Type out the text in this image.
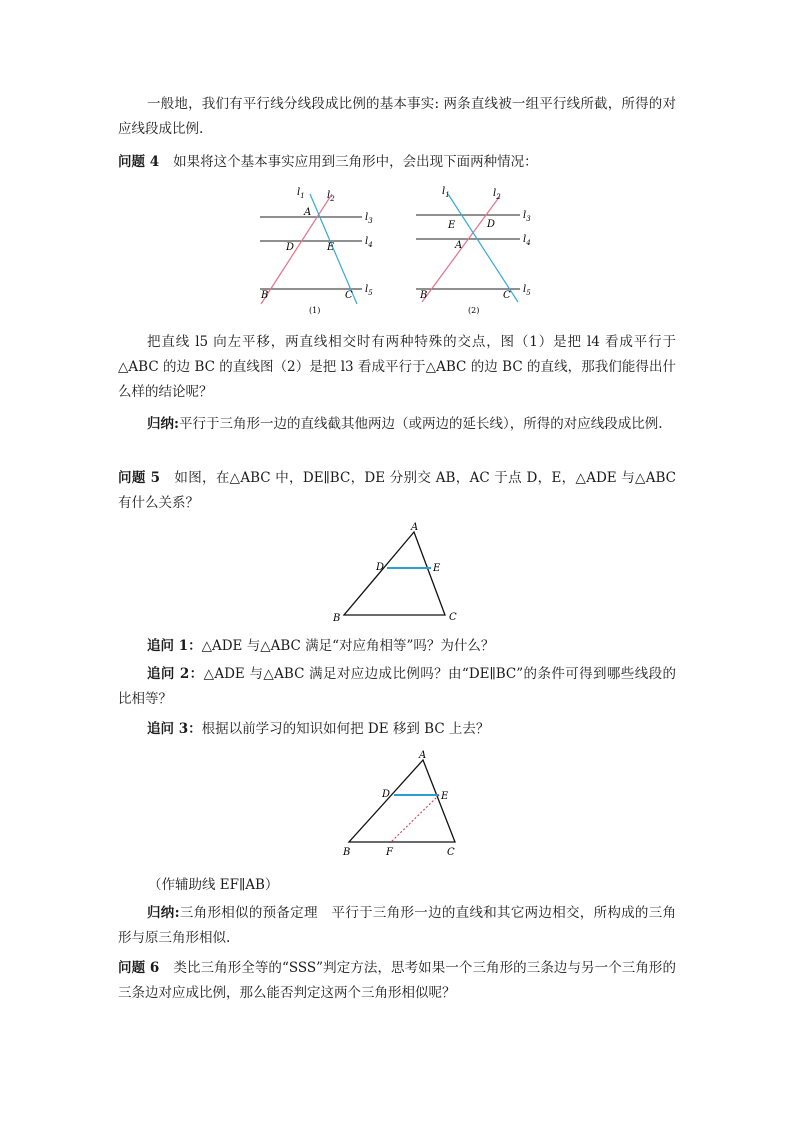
一般地，我们有平行线分线段成比例的基本事实: 两条直线被一组平行线所截，所得的对应线段成比例.

问题 4 如果将这个基本事实应用到三角形中，会出现下面两种情况：

$l_1$ $l_2$
$l_3$
$l_4$
$l_5$
A
D	E
B	C
(1)
$l_1$	$l_2$
$l_3$
$l_4$
$l_5$
E	D
A
B	C
(2)

把直线 l5 向左平移，两直线相交时有两种特殊的交点，图（1）是把 l4 看成平行于△ABC 的边 BC 的直线图（2）是把 l3 看成平行于△ABC 的边 BC 的直线，那我们能得出什么样的结论呢？

归纳:平行于三角形一边的直线截其他两边（或两边的延长线），所得的对应线段成比例.

问题 5 如图，在△ABC 中，DE∥BC，DE 分别交 AB，AC 于点 D，E，△ADE 与△ABC 有什么关系？

A
D	E
B	C

追问 1：△ADE 与△ABC 满足“对应角相等”吗？为什么？

追问 2：△ADE 与△ABC 满足对应边成比例吗？由“DE∥BC”的条件可得到哪些线段的比相等？

追问 3：根据以前学习的知识如何把 DE 移到 BC 上去？

A
D	E
B	F	C

（作辅助线 EF∥AB）

归纳:三角形相似的预备定理　平行于三角形一边的直线和其它两边相交，所构成的三角形与原三角形相似.

问题 6 类比三角形全等的“SSS”判定方法，思考如果一个三角形的三条边与另一个三角形的三条边对应成比例，那么能否判定这两个三角形相似呢？
